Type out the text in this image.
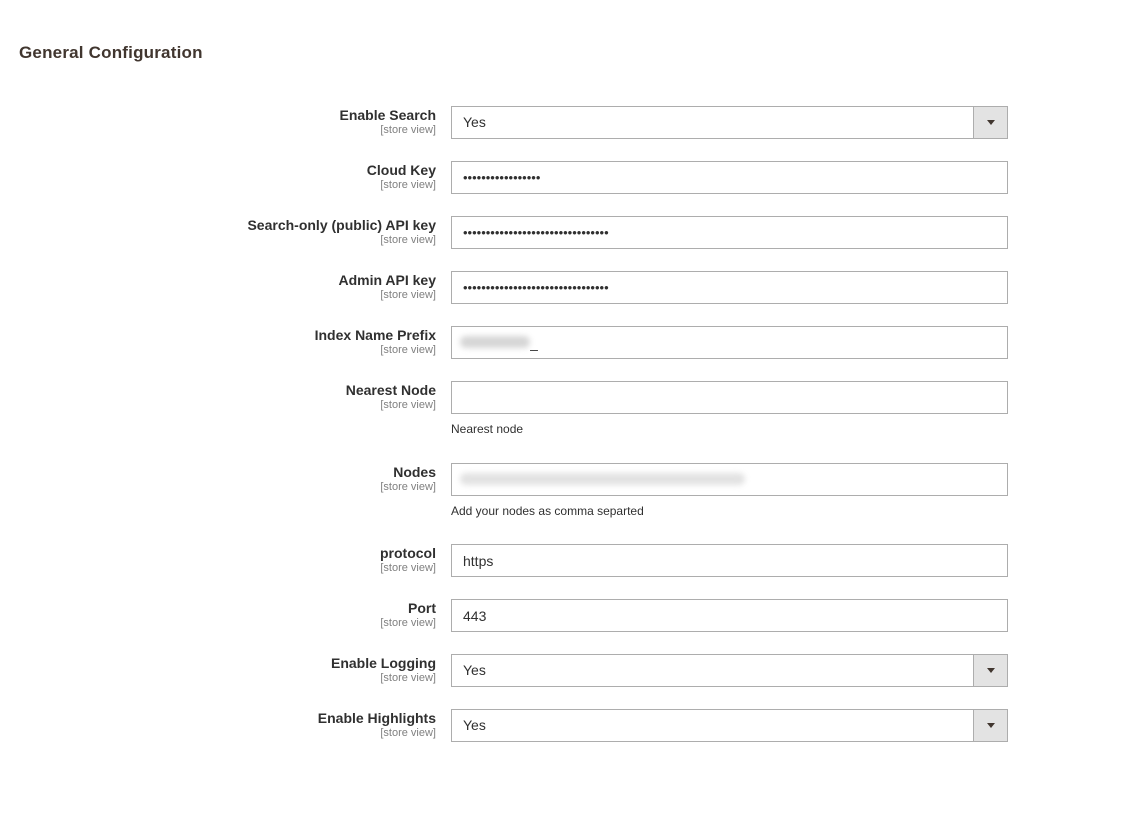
General Configuration
Enable Search
[store view] Yes
Cloud Key
[store view]
•••••••••••••••••
Search-only (public) API key
[store view]
••••••••••••••••••••••••••••••••
Admin API key
[store view]
••••••••••••••••••••••••••••••••
Index Name Prefix
[store view]
_
Nearest Node
[store view]
Nearest node
Nodes
[store view]
Add your nodes as comma separted
protocol
[store view]
https
Port
[store view]
443
Enable Logging
[store view] Yes
Enable Highlights
[store view] Yes
